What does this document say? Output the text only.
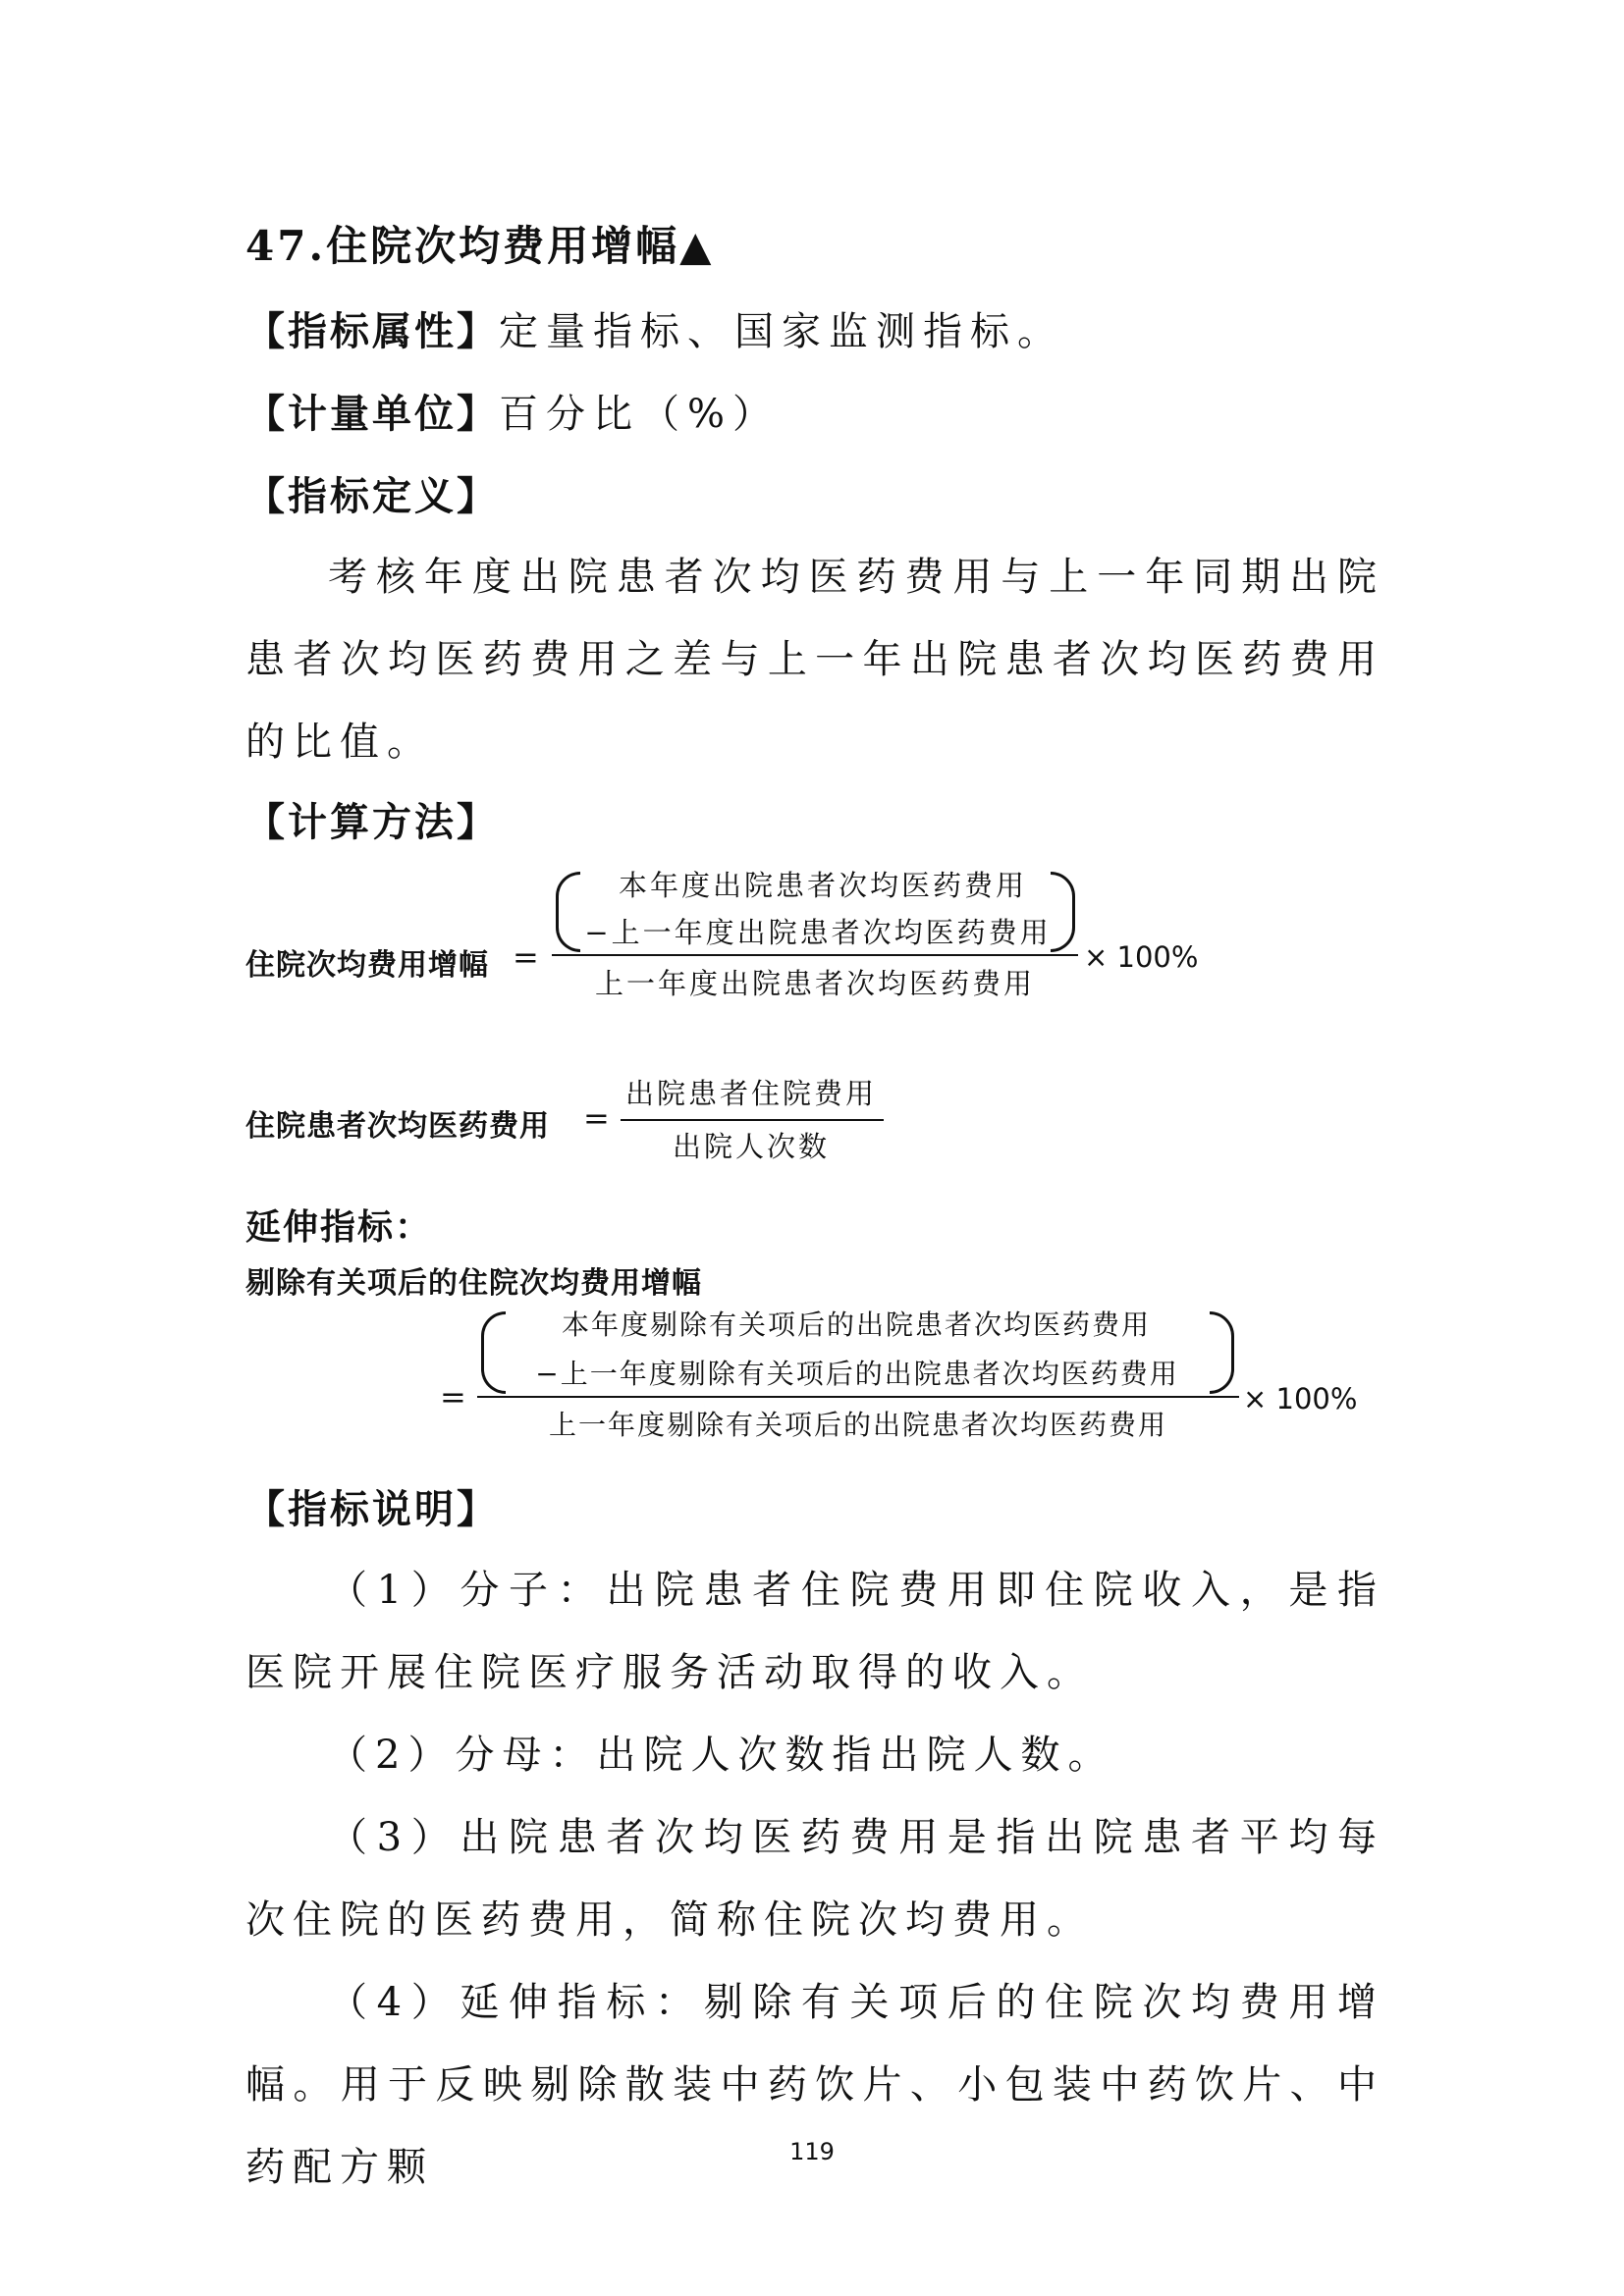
47.住院次均费用增幅▲
【指标属性】定量指标、国家监测指标。
【计量单位】百分比（%）
【指标定义】
考核年度出院患者次均医药费用与上一年同期出院患者次均医药费用之差与上一年出院患者次均医药费用的比值。
【计算方法】
住院次均费用增幅 =
本年度出院患者次均医药费用
−上一年度出院患者次均医药费用
上一年度出院患者次均医药费用
× 100%
住院患者次均医药费用 =
出院患者住院费用
出院人次数
延伸指标：
剔除有关项后的住院次均费用增幅
=
本年度剔除有关项后的出院患者次均医药费用
−上一年度剔除有关项后的出院患者次均医药费用
上一年度剔除有关项后的出院患者次均医药费用
× 100%
【指标说明】
（1）分子：出院患者住院费用即住院收入，是指医院开展住院医疗服务活动取得的收入。
（2）分母：出院人次数指出院人数。
（3）出院患者次均医药费用是指出院患者平均每次住院的医药费用，简称住院次均费用。
（4）延伸指标：剔除有关项后的住院次均费用增幅。用于反映剔除散装中药饮片、小包装中药饮片、中药配方颗	119
